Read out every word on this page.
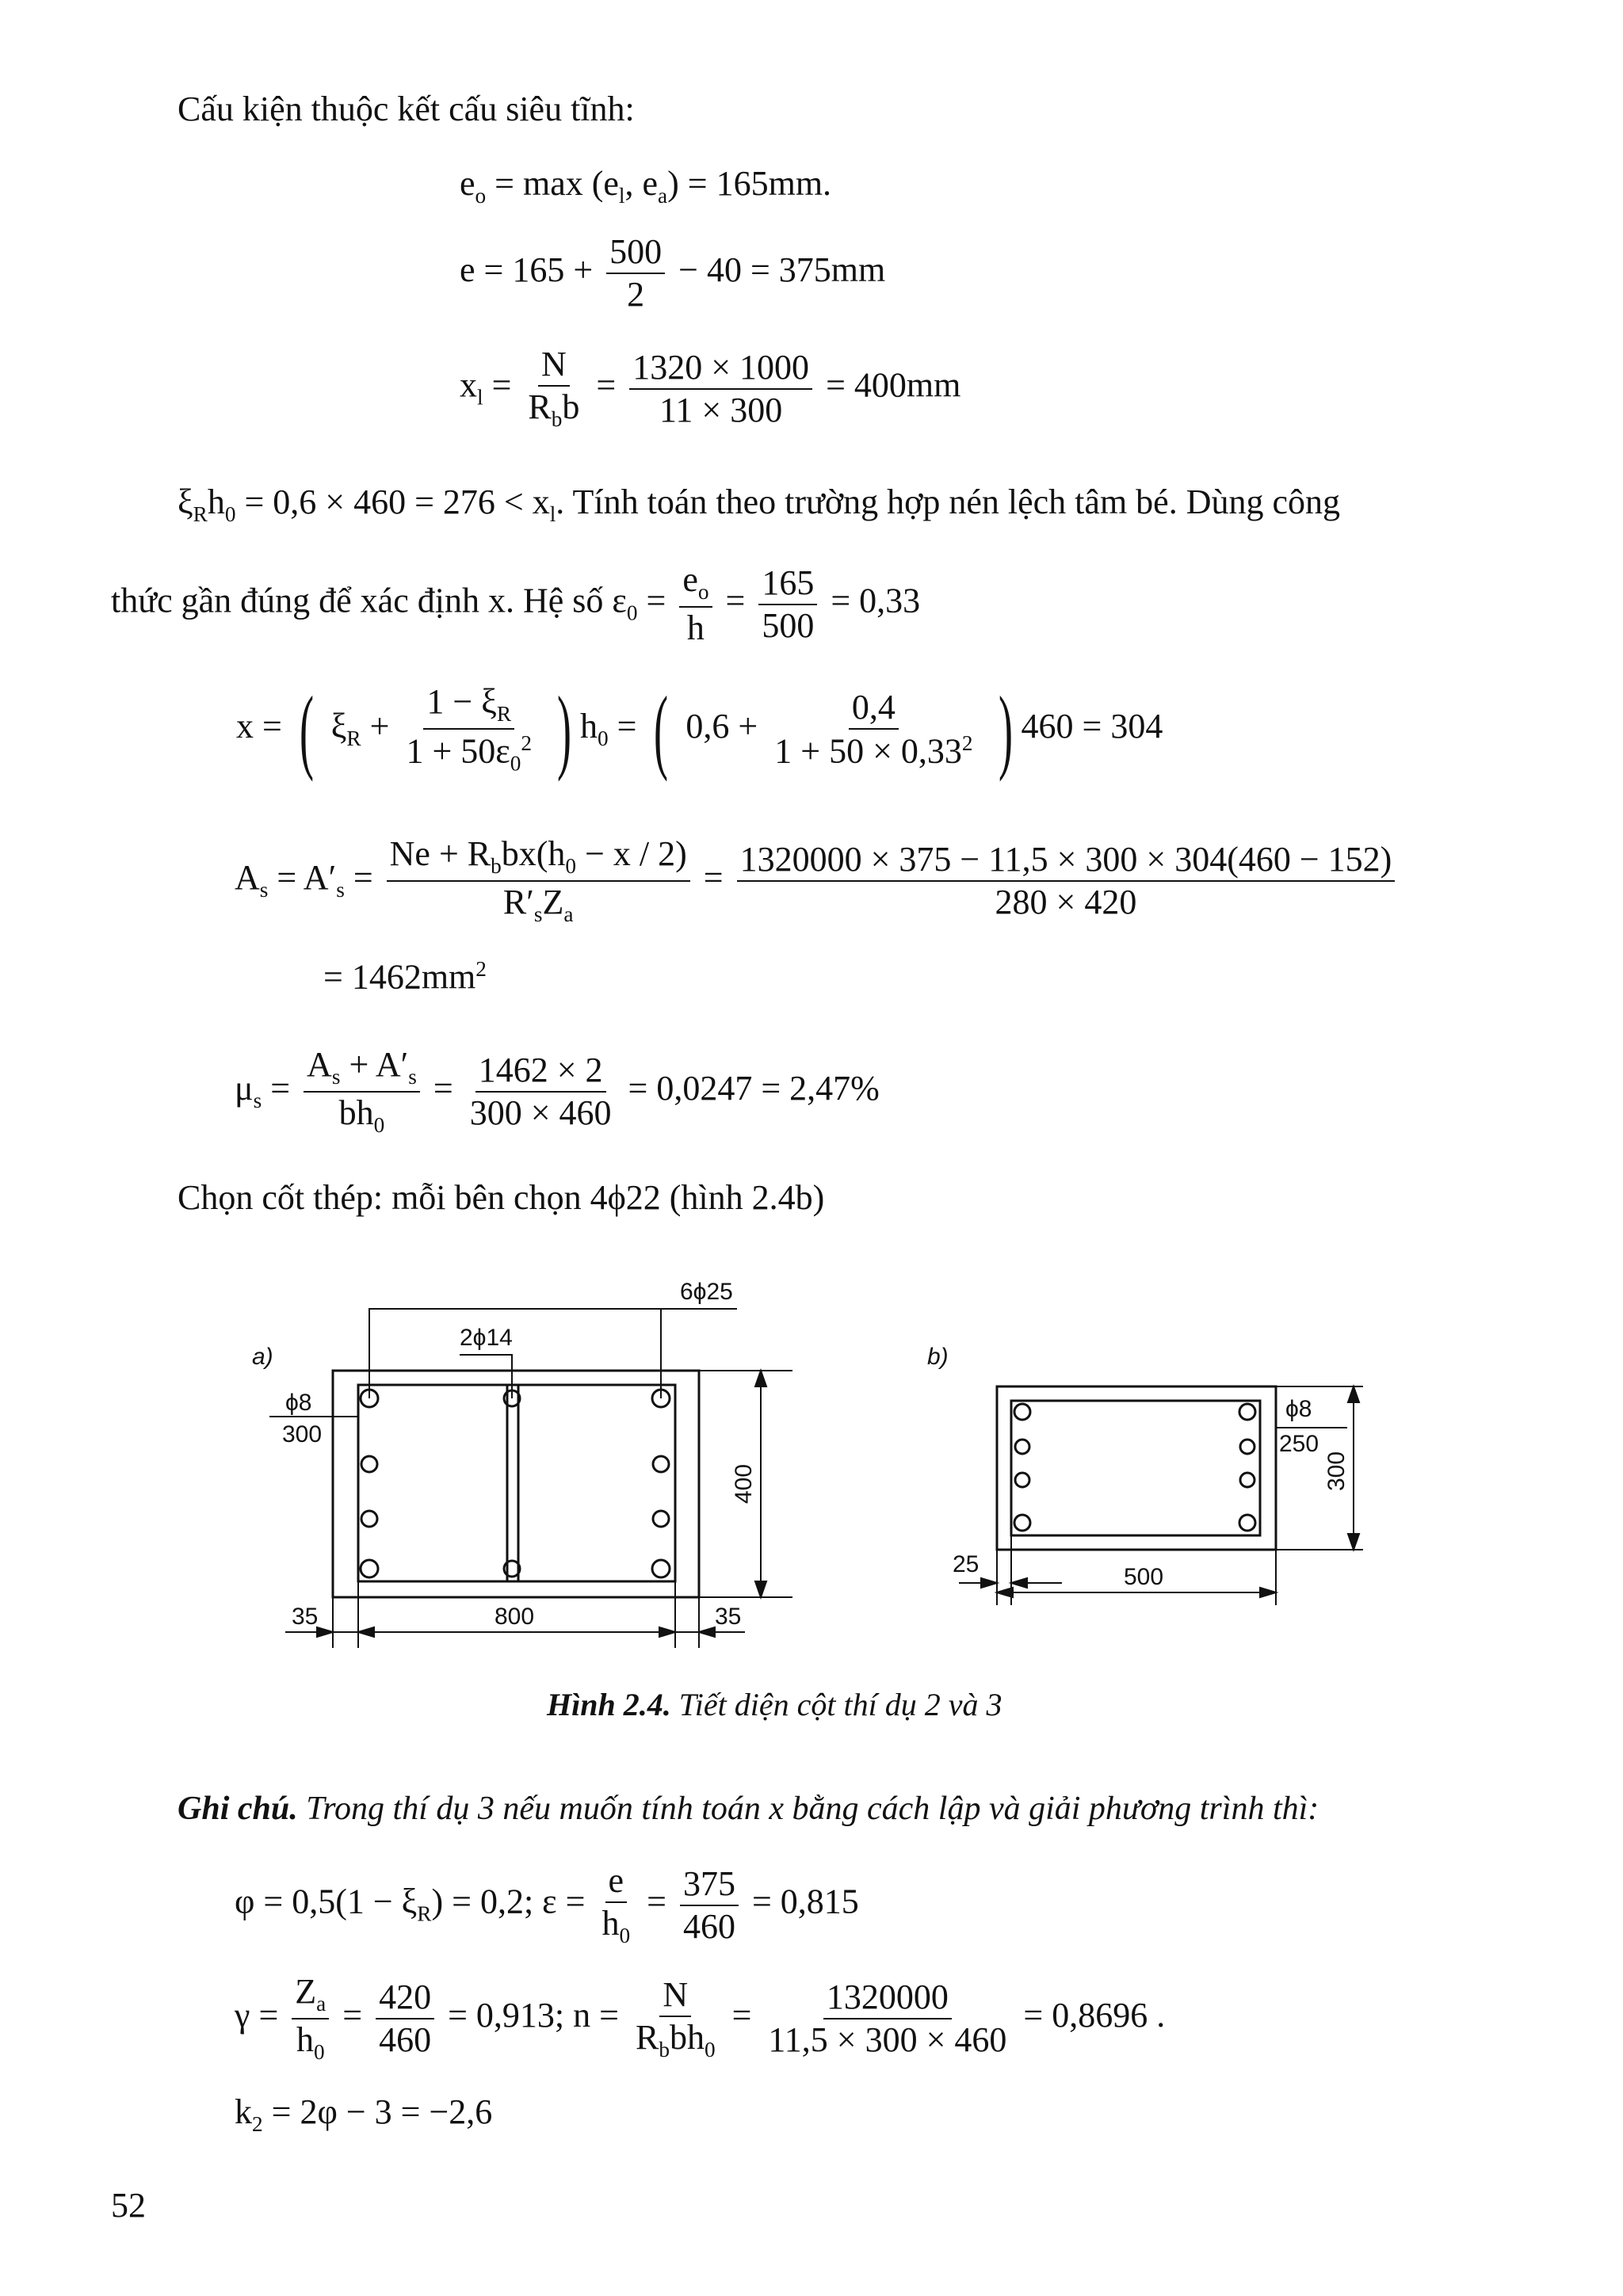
Cấu kiện thuộc kết cấu siêu tĩnh:
$e_o = \max (e_l$, $e_a) = 165mm$.
$e = 165 + \frac{500}{2} - 40 = 375mm$
$x_l = \frac{N}{R_bb} = \frac{1320 \times 1000}{11 \times 300} = 400mm$
$\xi_Rh_0 = 0,6 \times 460 = 276 < x_l$. Tính toán theo trường hợp nén lệch tâm bé. Dùng công
thức gần đúng để xác định x. Hệ số $\varepsilon_0 = \frac{e_o}{h} = \frac{165}{500} = 0,33$
x = ( $\xi_R + \frac{1 - \xi_R}{1 + 50\varepsilon_0^2}$ ) $h_0$ = ( $0,6 + \frac{0,4}{1 + 50 \times 0,33^2}$ ) 460 = 304
$A_s = A'_s = \frac{Ne + R_bbx(h_0 - x / 2)}{R'_sZ_a} = \frac{1320000 \times 375 - 11,5 \times 300 \times 304(460 - 152)}{280 \times 420}$
= $1462mm^2$
$\mu_s = \frac{A_s + A'_s}{bh_0} = \frac{1462 \times 2}{300 \times 460} = 0,0247 = 2,47\%$
Chọn cốt thép: mỗi bên chọn 4ϕ22 (hình 2.4b)
a)
6ϕ25
2ϕ14
ϕ8
300
400
800
35	35
b)
ϕ8
250
300
500
25
Hình 2.4. Tiết diện cột thí dụ 2 và 3
Ghi chú. Trong thí dụ 3 nếu muốn tính toán x bằng cách lập và giải phương trình thì:
$\varphi = 0,5(1 - \xi_R) = 0,2$; $\varepsilon = \frac{e}{h_0} = \frac{375}{460} = 0,815$
$\gamma = \frac{Z_a}{h_0} = \frac{420}{460} = 0,913$; $n = \frac{N}{R_bbh_0} = \frac{1320000}{11,5 \times 300 \times 460} = 0,8696$ .
$k_2 = 2\varphi - 3 = -2,6$
52
